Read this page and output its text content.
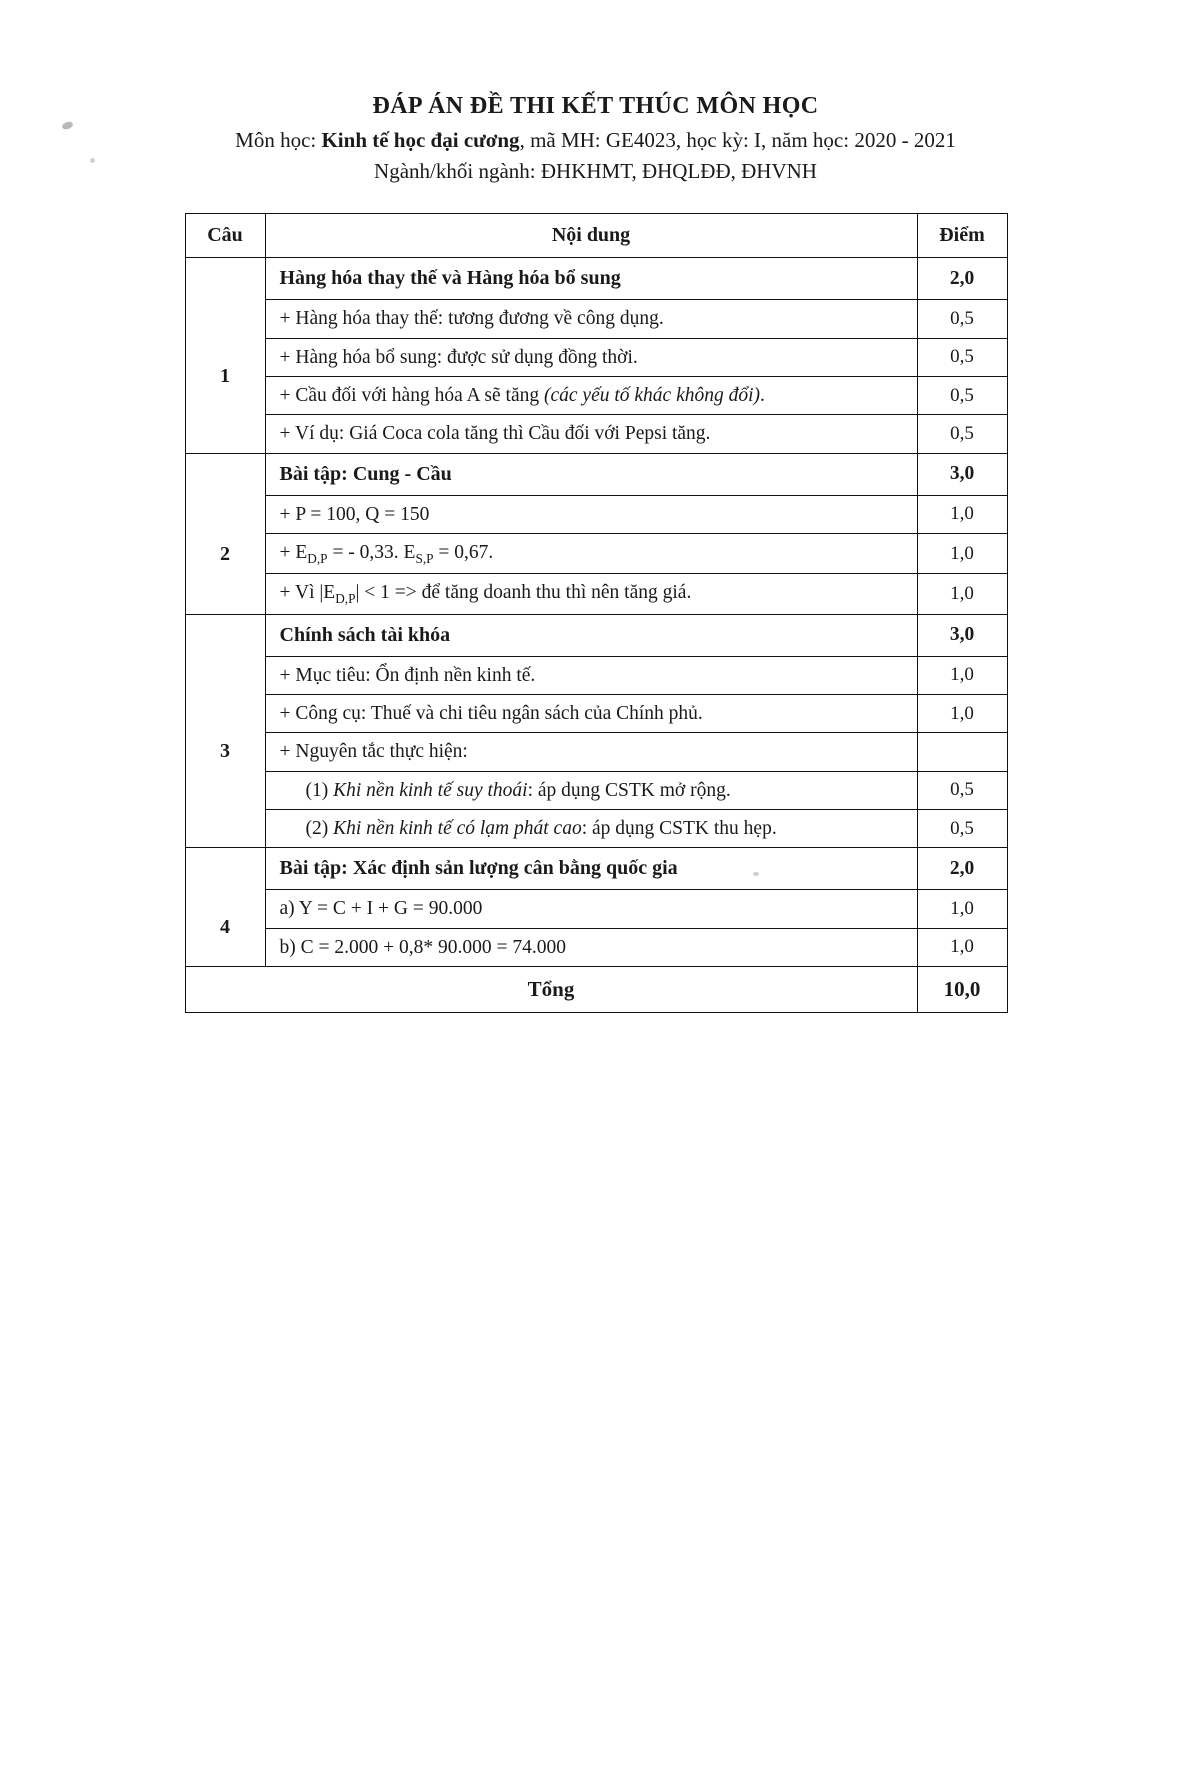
ĐÁP ÁN ĐỀ THI KẾT THÚC MÔN HỌC
Môn học: Kinh tế học đại cương, mã MH: GE4023, học kỳ: I, năm học: 2020 - 2021
Ngành/khối ngành: ĐHKHMT, ĐHQLĐĐ, ĐHVNH
Câu	Nội dung	Điểm
	Hàng hóa thay thế và Hàng hóa bổ sung	2,0
1	+ Hàng hóa thay thế: tương đương về công dụng.	0,5
	+ Hàng hóa bổ sung: được sử dụng đồng thời.	0,5
	+ Cầu đối với hàng hóa A sẽ tăng (các yếu tố khác không đổi).	0,5
	+ Ví dụ: Giá Coca cola tăng thì Cầu đối với Pepsi tăng.	0,5
	Bài tập: Cung - Cầu	3,0
2	+ P = 100, Q = 150	1,0
	+ $E_{D,P}$ = - 0,33. $E_{S,P} = 0,67$.	1,0
	+ Vì $|E_{D,P}| < 1$ => để tăng doanh thu thì nên tăng giá.	1,0
	Chính sách tài khóa	3,0
3	+ Mục tiêu: Ổn định nền kinh tế.	1,0
	+ Công cụ: Thuế và chi tiêu ngân sách của Chính phủ.	1,0
	+ Nguyên tắc thực hiện:	
	(1) Khi nền kinh tế suy thoái: áp dụng CSTK mở rộng.	0,5
	(2) Khi nền kinh tế có lạm phát cao: áp dụng CSTK thu hẹp.	0,5
	Bài tập: Xác định sản lượng cân bằng quốc gia	2,0
4	a) Y = C + I + G = 90.000	1,0
	b) C = 2.000 + 0,8* 90.000 = 74.000	1,0
Tổng		10,0
